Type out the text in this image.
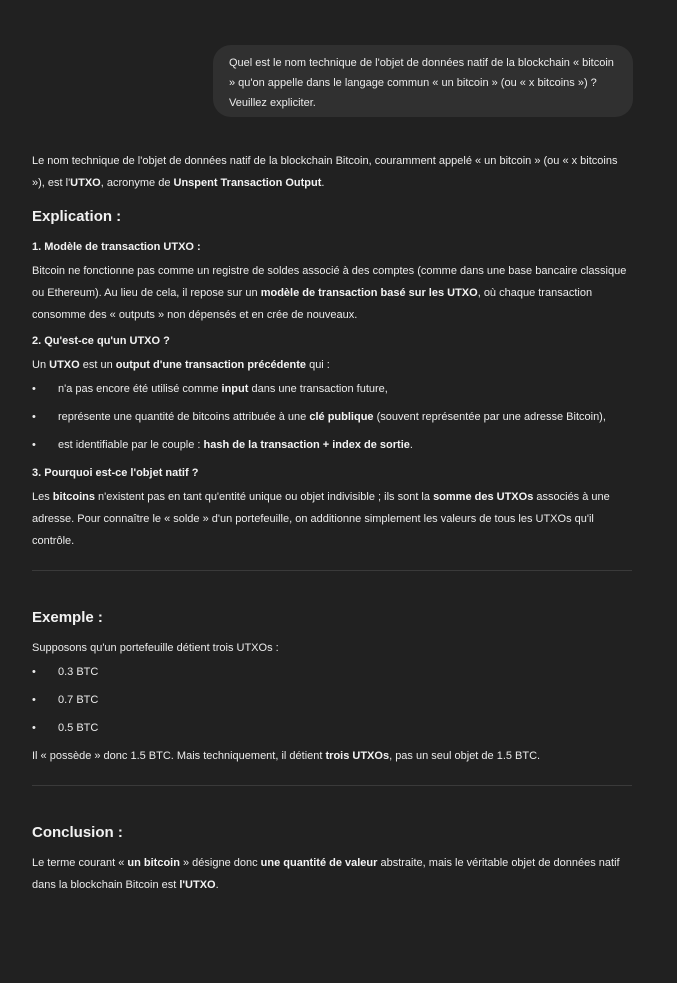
Quel est le nom technique de l'objet de données natif de la blockchain « bitcoin » qu'on appelle dans le langage commun « un bitcoin » (ou « x bitcoins ») ? Veuillez expliciter.

Le nom technique de l'objet de données natif de la blockchain Bitcoin, couramment appelé « un bitcoin » (ou « x bitcoins »), est l'UTXO, acronyme de Unspent Transaction Output.

Explication :
1. Modèle de transaction UTXO :

Bitcoin ne fonctionne pas comme un registre de soldes associé à des comptes (comme dans une base bancaire classique ou Ethereum). Au lieu de cela, il repose sur un modèle de transaction basé sur les UTXO, où chaque transaction consomme des « outputs » non dépensés et en crée de nouveaux.

2. Qu'est-ce qu'un UTXO ?

Un UTXO est un output d'une transaction précédente qui :

• n'a pas encore été utilisé comme input dans une transaction future,
• représente une quantité de bitcoins attribuée à une clé publique (souvent représentée par une adresse Bitcoin),
• est identifiable par le couple : hash de la transaction + index de sortie.
3. Pourquoi est-ce l'objet natif ?

Les bitcoins n'existent pas en tant qu'entité unique ou objet indivisible ; ils sont la somme des UTXOs associés à une adresse. Pour connaître le « solde » d'un portefeuille, on additionne simplement les valeurs de tous les UTXOs qu'il contrôle.

Exemple :

Supposons qu'un portefeuille détient trois UTXOs :

• 0.3 BTC
• 0.7 BTC
• 0.5 BTC

Il « possède » donc 1.5 BTC. Mais techniquement, il détient trois UTXOs, pas un seul objet de 1.5 BTC.

Conclusion :

Le terme courant « un bitcoin » désigne donc une quantité de valeur abstraite, mais le véritable objet de données natif dans la blockchain Bitcoin est l'UTXO.
